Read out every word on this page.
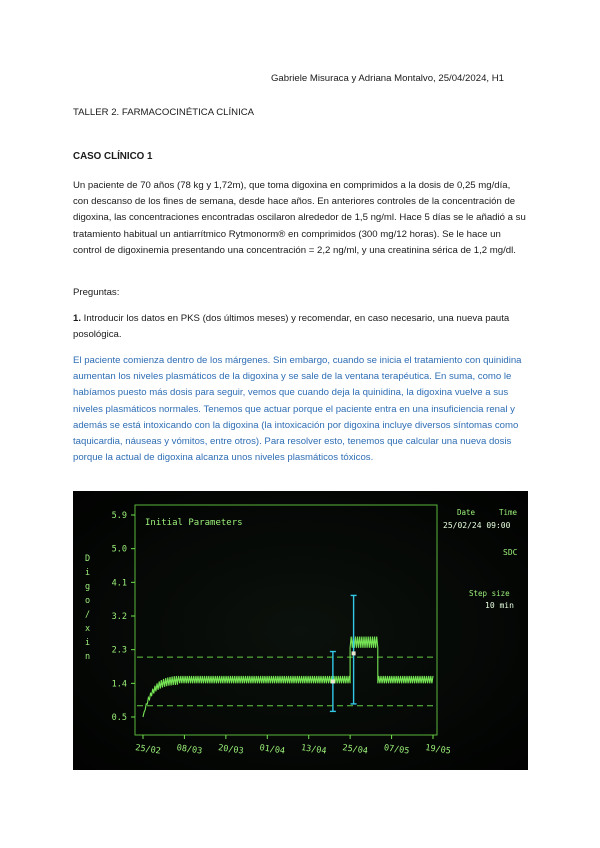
Gabriele Misuraca y Adriana Montalvo, 25/04/2024, H1
TALLER 2. FARMACOCINÉTICA CLÍNICA
CASO CLÍNICO 1
Un paciente de 70 años (78 kg y 1,72m), que toma digoxina en comprimidos a la dosis de 0,25 mg/día, con descanso de los fines de semana, desde hace años. En anteriores controles de la concentración de digoxina, las concentraciones encontradas oscilaron alrededor de 1,5 ng/ml. Hace 5 días se le añadió a su tratamiento habitual un antiarrítmico Rytmonorm® en comprimidos (300 mg/12 horas). Se le hace un control de digoxinemia presentando una concentración = 2,2 ng/ml, y una creatinina sérica de 1,2 mg/dl.
Preguntas:
1. Introducir los datos en PKS (dos últimos meses) y recomendar, en caso necesario, una nueva pauta posológica.
El paciente comienza dentro de los márgenes. Sin embargo, cuando se inicia el tratamiento con quinidina aumentan los niveles plasmáticos de la digoxina y se sale de la ventana terapéutica. En suma, como le habíamos puesto más dosis para seguir, vemos que cuando deja la quinidina, la digoxina vuelve a sus niveles plasmáticos normales. Tenemos que actuar porque el paciente entra en una insuficiencia renal y además se está intoxicando con la digoxina (la intoxicación por digoxina incluye diversos síntomas como taquicardia, náuseas y vómitos, entre otros). Para resolver esto, tenemos que calcular una nueva dosis porque la actual de digoxina alcanza unos niveles plasmáticos tóxicos.
Initial Parameters
D
i
g
o
/
x
i
n
5.9
5.0
4.1
3.2
2.3
1.4
0.5
25/02 08/03 20/03 01/04 13/04 25/04 07/05 19/05
Date	Time
25/02/24 09:00
SDC
Step size
10 min
